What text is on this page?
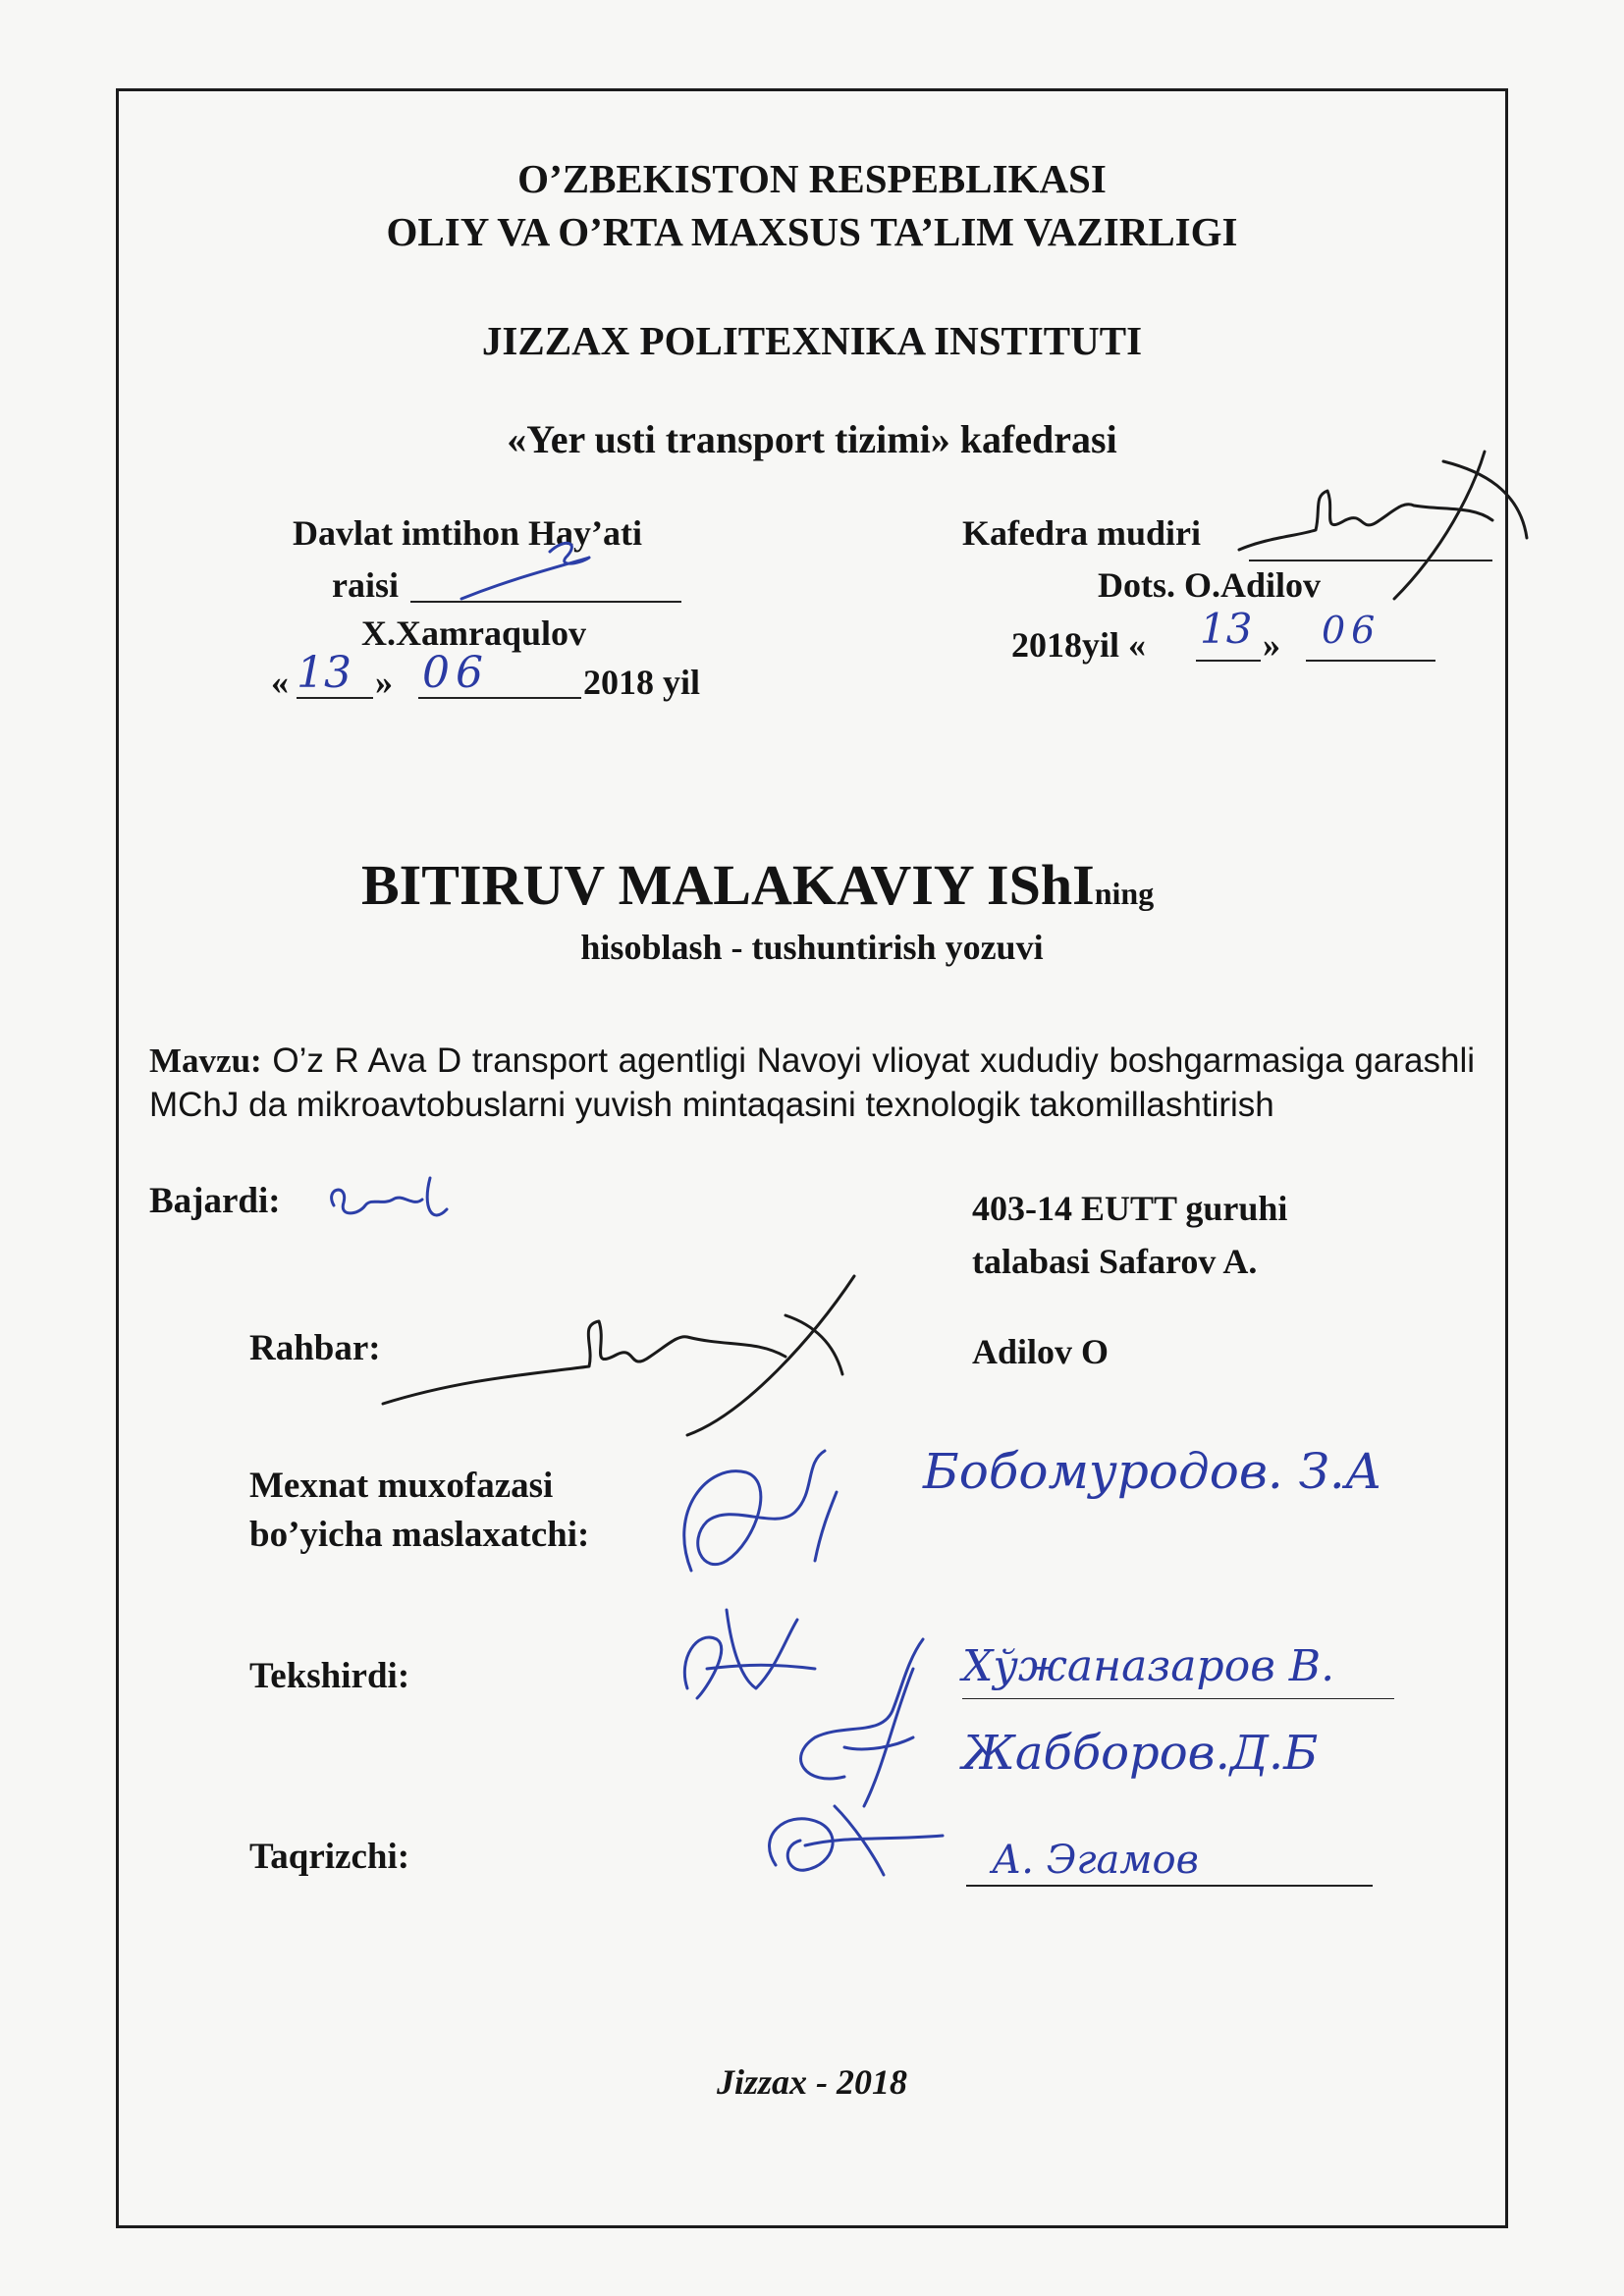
O’ZBEKISTON RESPEBLIKASI
OLIY VA O’RTA MAXSUS TA’LIM VAZIRLIGI
JIZZAX POLITEXNIKA INSTITUTI
«Yer usti transport tizimi» kafedrasi
Davlat imtihon Hay’ati
raisi
X.Xamraqulov
« »	2018 yil
13 06
Kafedra mudiri
Dots. O.Adilov
2018yil «	»
13 06
BITIRUV MALAKAVIY IShIning
hisoblash - tushuntirish yozuvi
Mavzu: O’z R Ava D transport agentligi Navoyi vlioyat xududiy boshgarmasiga garashli MChJ da mikroavtobuslarni yuvish mintaqasini texnologik takomillashtirish
Bajardi:	403-14 EUTT guruhi
talabasi Safarov A.
Rahbar:	Adilov O
Mexnat muxofazasi
bo’yicha maslaxatchi:
Бобомуродов. З.А
Tekshirdi:	Хўжаназаров В.
Жабборов.Д.Б
Taqrizchi:	А. Эгамов
Jizzax - 2018
